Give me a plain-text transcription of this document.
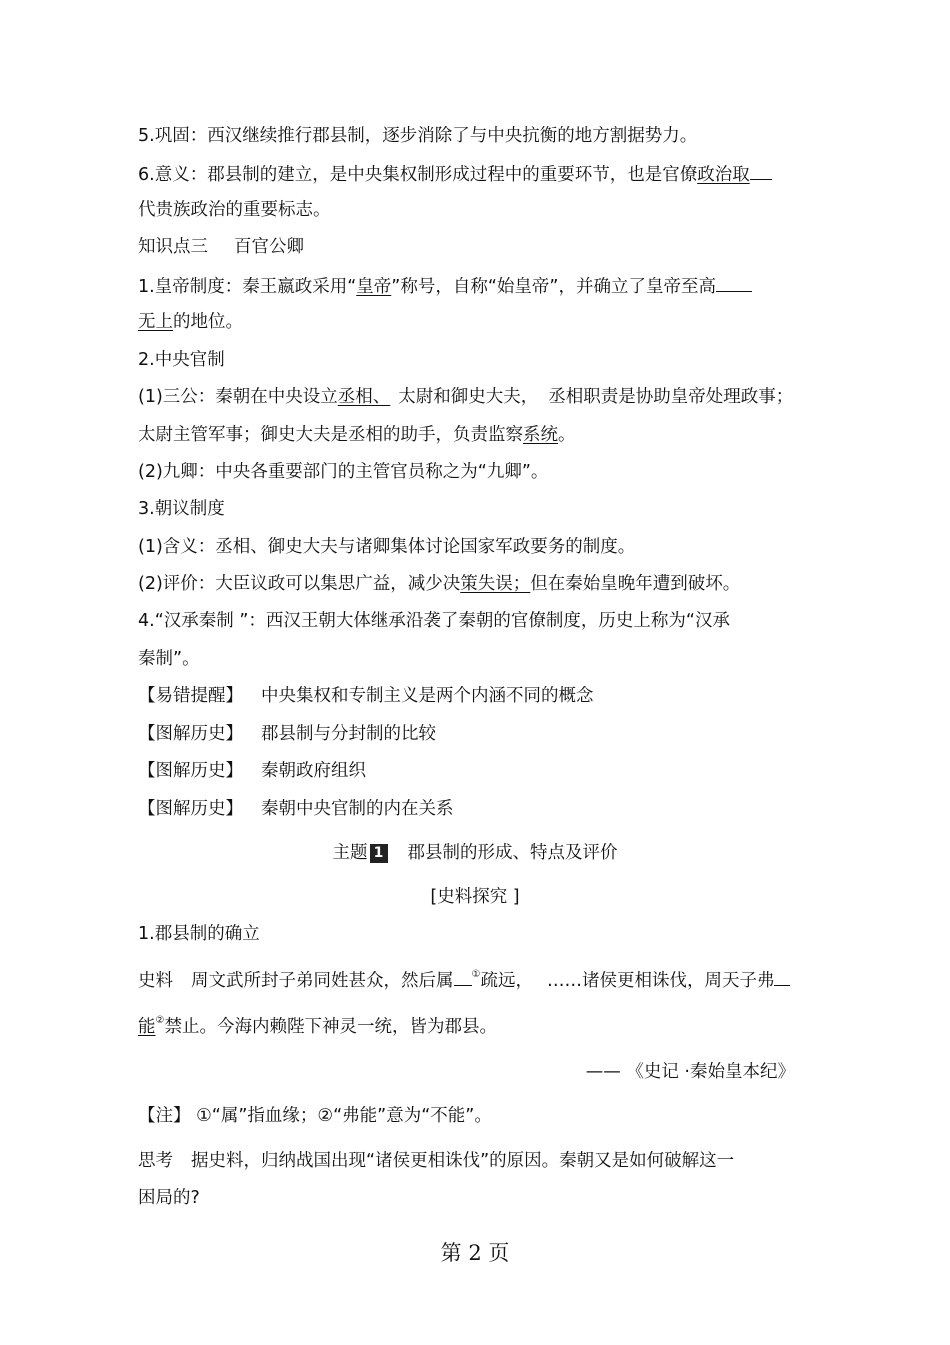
5.巩固：西汉继续推行郡县制，逐步消除了与中央抗衡的地方割据势力。

6.意义：郡县制的建立，是中央集权制形成过程中的重要环节，也是官僚政治取

代贵族政治的重要标志。

知识点三 百官公卿

1.皇帝制度：秦王嬴政采用“皇帝”称号，自称“始皇帝”，并确立了皇帝至高

无上的地位。

2.中央官制

(1)三公：秦朝在中央设立丞相、 太尉和御史大夫， 丞相职责是协助皇帝处理政事；

太尉主管军事；御史大夫是丞相的助手，负责监察系统。

(2)九卿：中央各重要部门的主管官员称之为“九卿”。

3.朝议制度

(1)含义：丞相、御史大夫与诸卿集体讨论国家军政要务的制度。

(2)评价：大臣议政可以集思广益，减少决策失误；但在秦始皇晚年遭到破坏。

4.“汉承秦制 ”：西汉王朝大体继承沿袭了秦朝的官僚制度，历史上称为“汉承

秦制”。

【易错提醒】 中央集权和专制主义是两个内涵不同的概念

【图解历史】 郡县制与分封制的比较

【图解历史】 秦朝政府组织

【图解历史】 秦朝中央官制的内在关系

主题 1 郡县制的形成、特点及评价

[史料探究 ]

1.郡县制的确立

史料 周文武所封子弟同姓甚众，然后属 ①疏远， ……诸侯更相诛伐，周天子弗

能②禁止。今海内赖陛下神灵一统，皆为郡县。

—— 《史记 ·秦始皇本纪》

【注】 ①“属”指血缘；②“弗能”意为“不能”。

思考 据史料，归纳战国出现“诸侯更相诛伐”的原因。秦朝又是如何破解这一

困局的?

第 2 页
